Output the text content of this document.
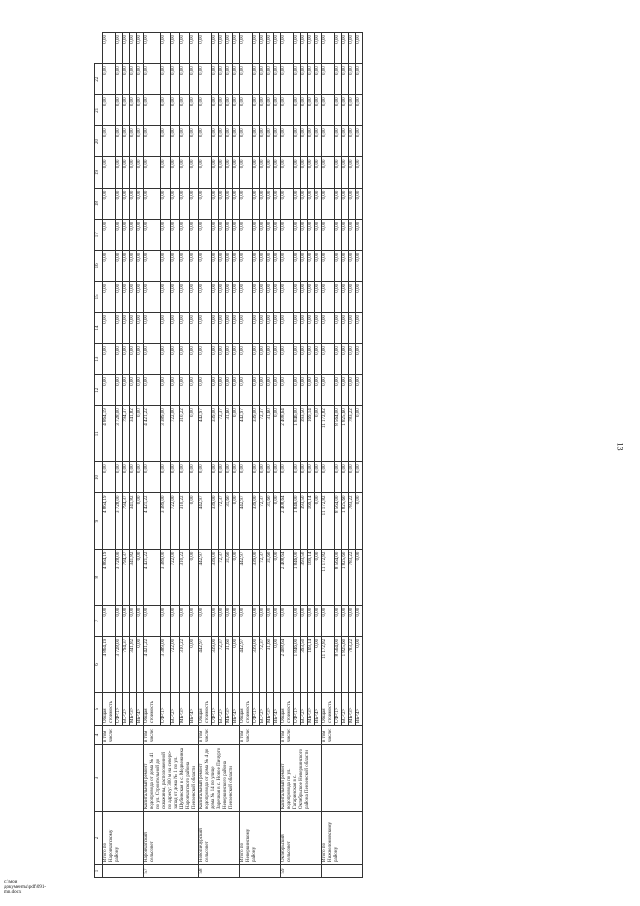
13
c:\мои документы\pdf\091-mn.docx
1	2	3	4	5	6	7	8	9	10	11	12	13	14	15	16	17	18	19	20	21	22	
	Итого по Наровчатскому району		в том числе:	Общая стоимость	4 864,19	0,00	4 864,19	4 864,19	0,00	4 864,19	0,00	0,00	0,00	0,00	0,00	0,00	0,00	0,00	0,00	0,00	0,00	0,00
				СФ<1>	3 728,00	0,00	3 728,00	3 728,00	0,00	3 728,00	0,00	0,00	0,00	0,00	0,00	0,00	0,00	0,00	0,00	0,00	0,00	0,00
				БС<2>	794,37	0,00	794,37	794,37	0,00	794,37	0,00	0,00	0,00	0,00	0,00	0,00	0,00	0,00	0,00	0,00	0,00	0,00
				МБ<3>	341,82	0,00	341,82	341,82	0,00	341,82	0,00	0,00	0,00	0,00	0,00	0,00	0,00	0,00	0,00	0,00	0,00	0,00
				ВБ<4>	0,00	0,00	0,00	0,00	0,00	0,00	0,00	0,00	0,00	0,00	0,00	0,00	0,00	0,00	0,00	0,00	0,00	0,00
57	Наровчатский сельсовет	Капитальный ремонт водопровода от дома № 41 по ул. Строительной до скважины, расположенной по адресу: 300 м на северо-запад от дома № 1 по ул. Шубинская в с. Медвежинка Наровчатского района Пензенской области	в том числе:	Общая стоимость	4 421,22	0,00	4 421,22	4 421,22	0,00	4 421,22	0,00	0,00	0,00	0,00	0,00	0,00	0,00	0,00	0,00	0,00	0,00	0,00
				СФ<1>	3 389,00	0,00	3 389,00	3 389,00	0,00	3 389,00	0,00	0,00	0,00	0,00	0,00	0,00	0,00	0,00	0,00	0,00	0,00	0,00
				БС<2>	722,00	0,00	722,00	722,00	0,00	722,00	0,00	0,00	0,00	0,00	0,00	0,00	0,00	0,00	0,00	0,00	0,00	0,00
				МБ<3>	310,22	0,00	310,22	310,22	0,00	310,22	0,00	0,00	0,00	0,00	0,00	0,00	0,00	0,00	0,00	0,00	0,00	0,00
				ВБ<4>	0,00	0,00	0,00	0,00	0,00	0,00	0,00	0,00	0,00	0,00	0,00	0,00	0,00	0,00	0,00	0,00	0,00	0,00
58	Новопичурский сельсовет	Капитальный ремонт водопровода от дома № 4 до дома № 14 по улице Заречная в с. Новое Пичурго Неверкинского района Пензенской области	в том числе:	Общая стоимость	442,97	0,00	442,97	442,97	0,00	442,97	0,00	0,00	0,00	0,00	0,00	0,00	0,00	0,00	0,00	0,00	0,00	0,00
				СФ<1>	339,00	0,00	339,00	339,00	0,00	339,00	0,00	0,00	0,00	0,00	0,00	0,00	0,00	0,00	0,00	0,00	0,00	0,00
				БС<2>	72,37	0,00	72,37	72,37	0,00	72,37	0,00	0,00	0,00	0,00	0,00	0,00	0,00	0,00	0,00	0,00	0,00	0,00
				МБ<3>	31,60	0,00	31,60	31,60	0,00	31,60	0,00	0,00	0,00	0,00	0,00	0,00	0,00	0,00	0,00	0,00	0,00	0,00
				ВБ<4>	0,00	0,00	0,00	0,00	0,00	0,00	0,00	0,00	0,00	0,00	0,00	0,00	0,00	0,00	0,00	0,00	0,00	0,00
	Итого по Неверкинскому району		в том числе:	Общая стоимость	442,97	0,00	442,97	442,97	0,00	442,97	0,00	0,00	0,00	0,00	0,00	0,00	0,00	0,00	0,00	0,00	0,00	0,00
				СФ<1>	339,00	0,00	339,00	339,00	0,00	339,00	0,00	0,00	0,00	0,00	0,00	0,00	0,00	0,00	0,00	0,00	0,00	0,00
				БС<2>	72,37	0,00	72,37	72,37	0,00	72,37	0,00	0,00	0,00	0,00	0,00	0,00	0,00	0,00	0,00	0,00	0,00	0,00
				МБ<3>	31,60	0,00	31,60	31,60	0,00	31,60	0,00	0,00	0,00	0,00	0,00	0,00	0,00	0,00	0,00	0,00	0,00	0,00
				ВБ<4>	0,00	0,00	0,00	0,00	0,00	0,00	0,00	0,00	0,00	0,00	0,00	0,00	0,00	0,00	0,00	0,00	0,00	0,00
59	Октябрьский сельсовет	Капитальный ремонт водопровода по ул. Гагаринская в с. Октябрьское Неверкинского района Пензенской области	в том числе:	Общая стоимость	2 408,64	0,00	2 408,64	2 408,64	0,00	2 408,64	0,00	0,00	0,00	0,00	0,00	0,00	0,00	0,00	0,00	0,00	0,00	0,00
				СФ<1>	1 846,00	0,00	1 846,00	1 846,00	0,00	1 846,00	0,00	0,00	0,00	0,00	0,00	0,00	0,00	0,00	0,00	0,00	0,00	0,00
				БС<2>	393,50	0,00	393,50	393,50	0,00	393,50	0,00	0,00	0,00	0,00	0,00	0,00	0,00	0,00	0,00	0,00	0,00	0,00
				МБ<3>	169,14	0,00	169,14	169,14	0,00	169,14	0,00	0,00	0,00	0,00	0,00	0,00	0,00	0,00	0,00	0,00	0,00	0,00
				ВБ<4>	0,00	0,00	0,00	0,00	0,00	0,00	0,00	0,00	0,00	0,00	0,00	0,00	0,00	0,00	0,00	0,00	0,00	0,00
	Итого по Нижнеломовскому району		в том числе:	Общая стоимость	11 172,82	0,00	11 172,82	11 172,82	0,00	11 172,82	0,00	0,00	0,00	0,00	0,00	0,00	0,00	0,00	0,00	0,00	0,00	0,00
				СФ<1>	8 564,00	0,00	8 564,00	8 564,00	0,00	8 564,00	0,00	0,00	0,00	0,00	0,00	0,00	0,00	0,00	0,00	0,00	0,00	0,00
				БС<2>	1 825,60	0,00	1 825,60	1 825,60	0,00	1 825,60	0,00	0,00	0,00	0,00	0,00	0,00	0,00	0,00	0,00	0,00	0,00	0,00
				МБ<3>	783,22	0,00	783,22	783,22	0,00	783,22	0,00	0,00	0,00	0,00	0,00	0,00	0,00	0,00	0,00	0,00	0,00	0,00
				ВБ<4>	0,00	0,00	0,00	0,00	0,00	0,00	0,00	0,00	0,00	0,00	0,00	0,00	0,00	0,00	0,00	0,00	0,00	0,00
